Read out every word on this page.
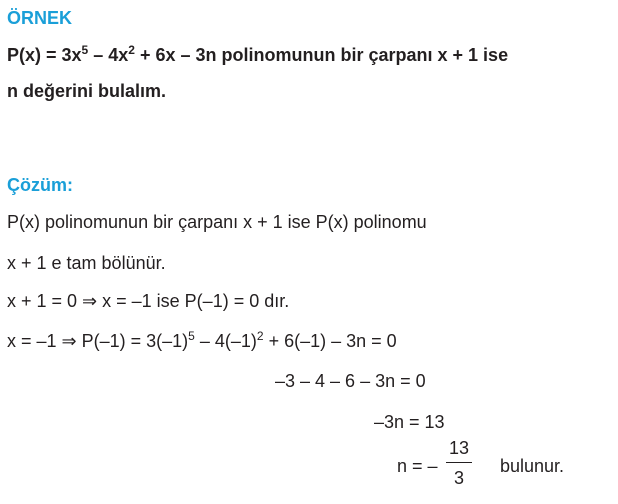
ÖRNEK
$P(x) = 3x^5 - 4x^2 + 6x - 3n$ polinomunun bir çarpanı x + 1 ise
n değerini bulalım.
Çözüm:
P(x) polinomunun bir çarpanı x + 1 ise P(x) polinomu
x + 1 e tam bölünür.
x + 1 = 0 ⇒ x = –1 ise P(–1) = 0 dır.
x = –1 ⇒ $P(-1) = 3(-1)^5 - 4(-1)^2 + 6(-1) - 3n = 0$
–3 – 4 – 6 – 3n = 0
–3n = 13
n = –
13
3
bulunur.
